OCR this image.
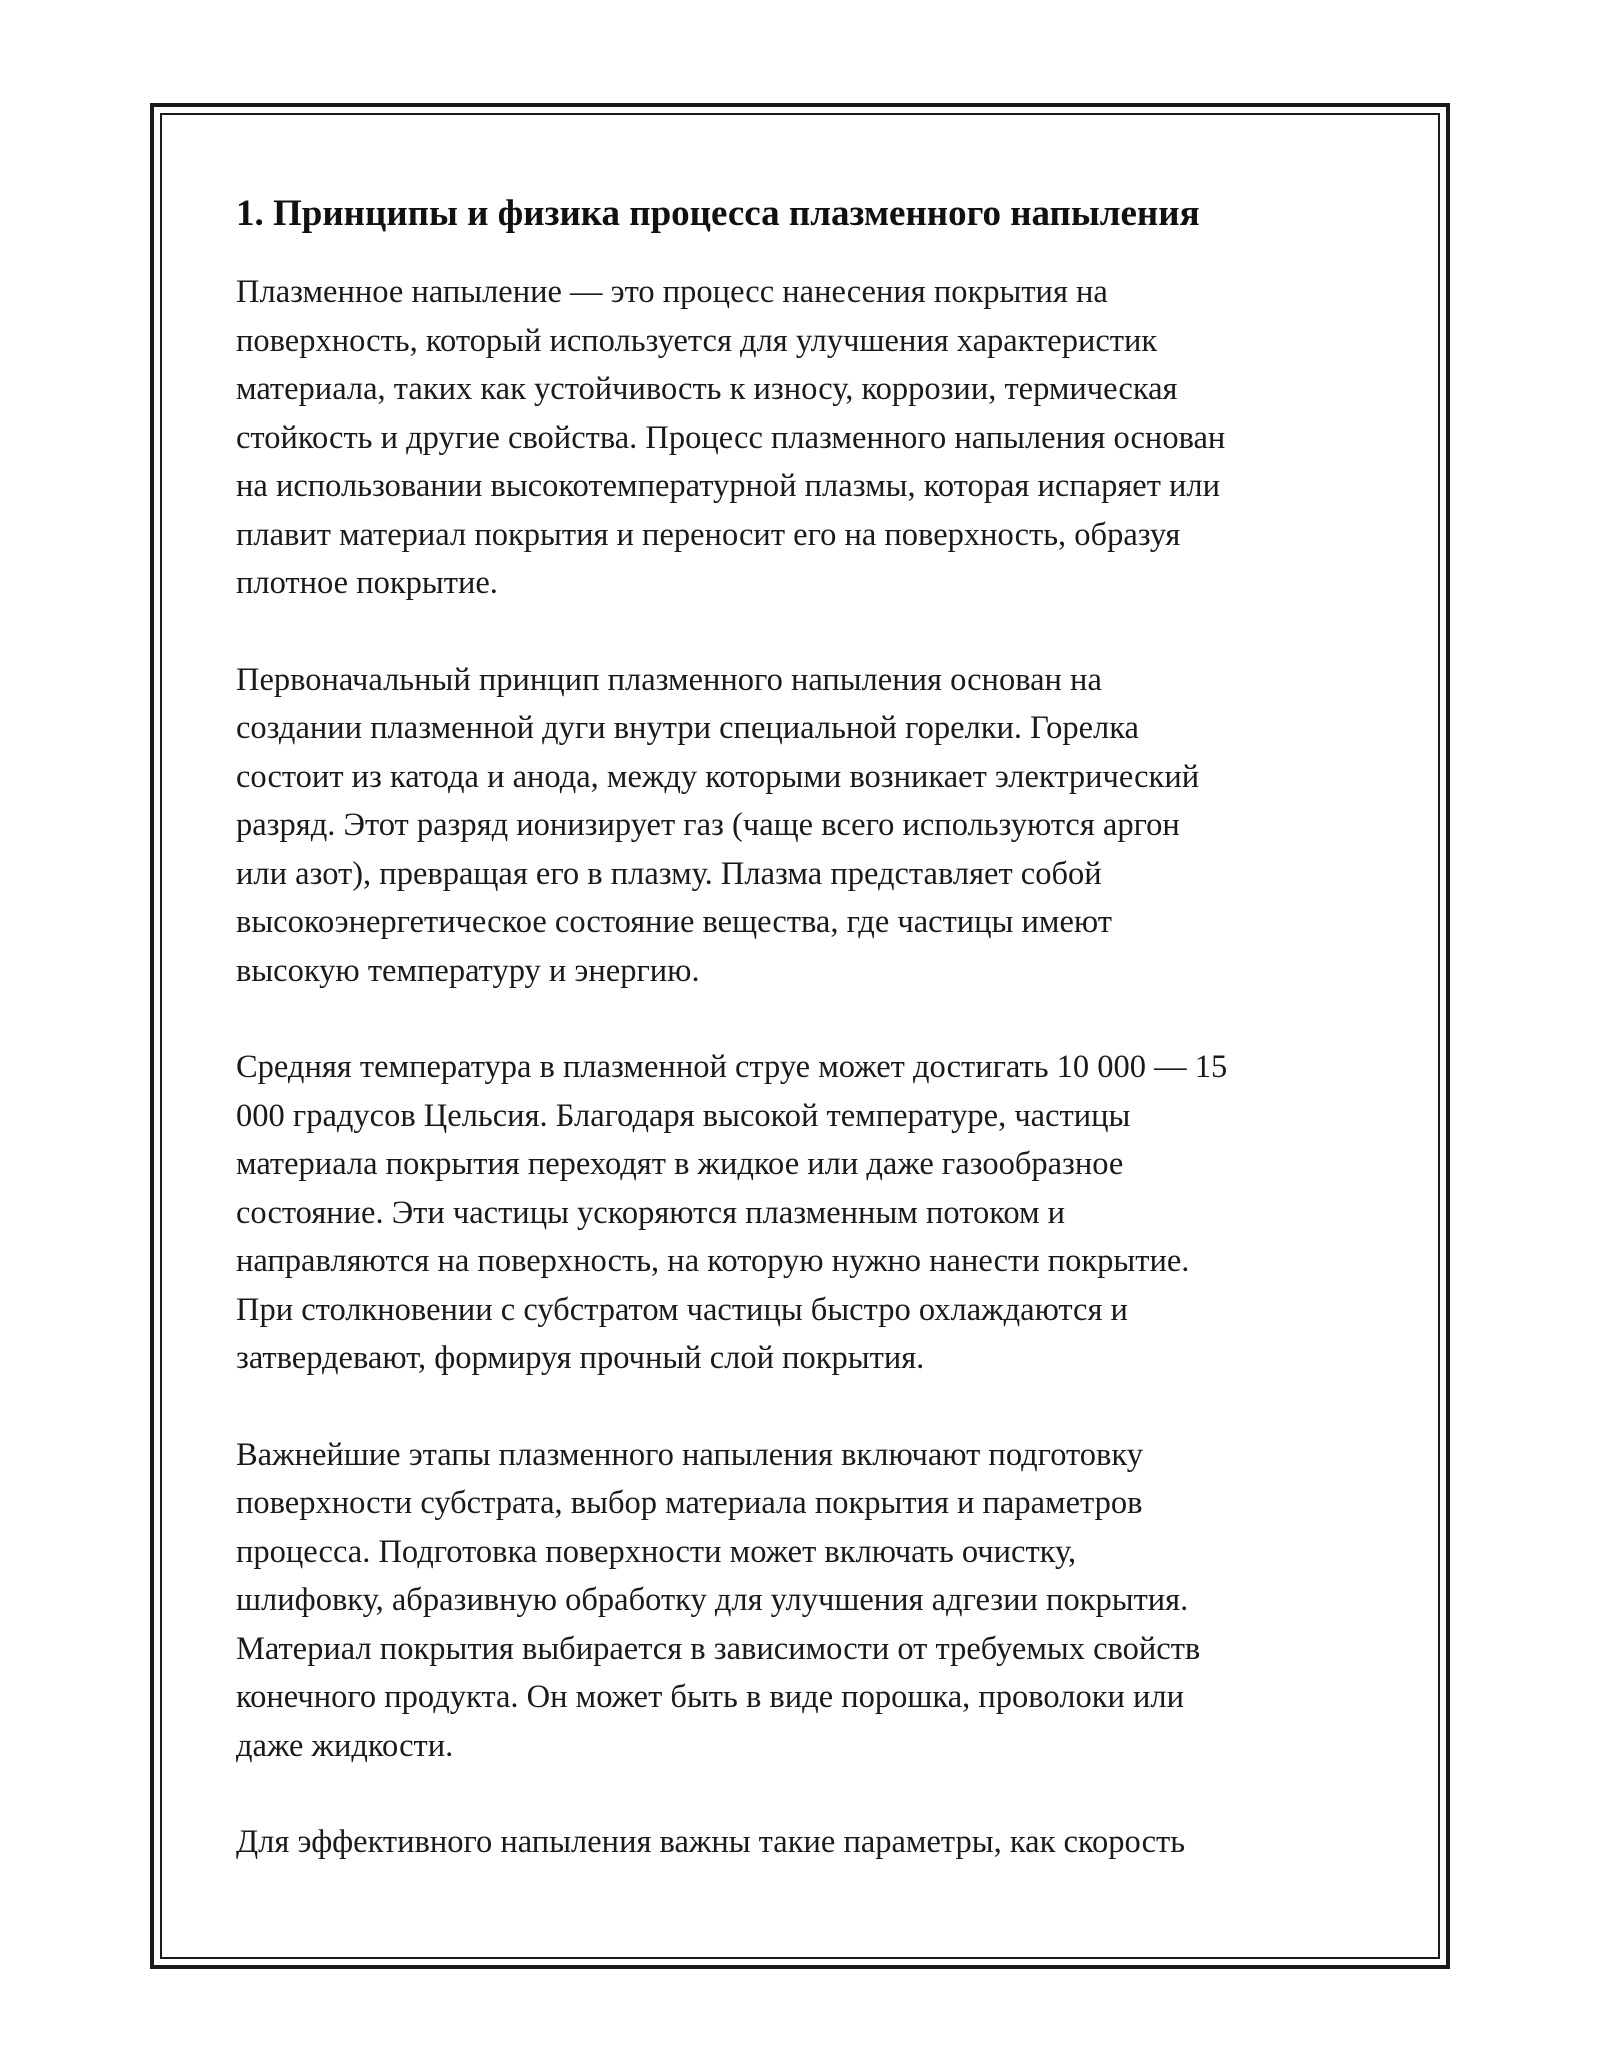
1. Принципы и физика процесса плазменного напыления

Плазменное напыление — это процесс нанесения покрытия на
поверхность, который используется для улучшения характеристик
материала, таких как устойчивость к износу, коррозии, термическая
стойкость и другие свойства. Процесс плазменного напыления основан
на использовании высокотемпературной плазмы, которая испаряет или
плавит материал покрытия и переносит его на поверхность, образуя
плотное покрытие.

Первоначальный принцип плазменного напыления основан на
создании плазменной дуги внутри специальной горелки. Горелка
состоит из катода и анода, между которыми возникает электрический
разряд. Этот разряд ионизирует газ (чаще всего используются аргон
или азот), превращая его в плазму. Плазма представляет собой
высокоэнергетическое состояние вещества, где частицы имеют
высокую температуру и энергию.

Средняя температура в плазменной струе может достигать 10 000 — 15
000 градусов Цельсия. Благодаря высокой температуре, частицы
материала покрытия переходят в жидкое или даже газообразное
состояние. Эти частицы ускоряются плазменным потоком и
направляются на поверхность, на которую нужно нанести покрытие.
При столкновении с субстратом частицы быстро охлаждаются и
затвердевают, формируя прочный слой покрытия.

Важнейшие этапы плазменного напыления включают подготовку
поверхности субстрата, выбор материала покрытия и параметров
процесса. Подготовка поверхности может включать очистку,
шлифовку, абразивную обработку для улучшения адгезии покрытия.
Материал покрытия выбирается в зависимости от требуемых свойств
конечного продукта. Он может быть в виде порошка, проволоки или
даже жидкости.

Для эффективного напыления важны такие параметры, как скорость
